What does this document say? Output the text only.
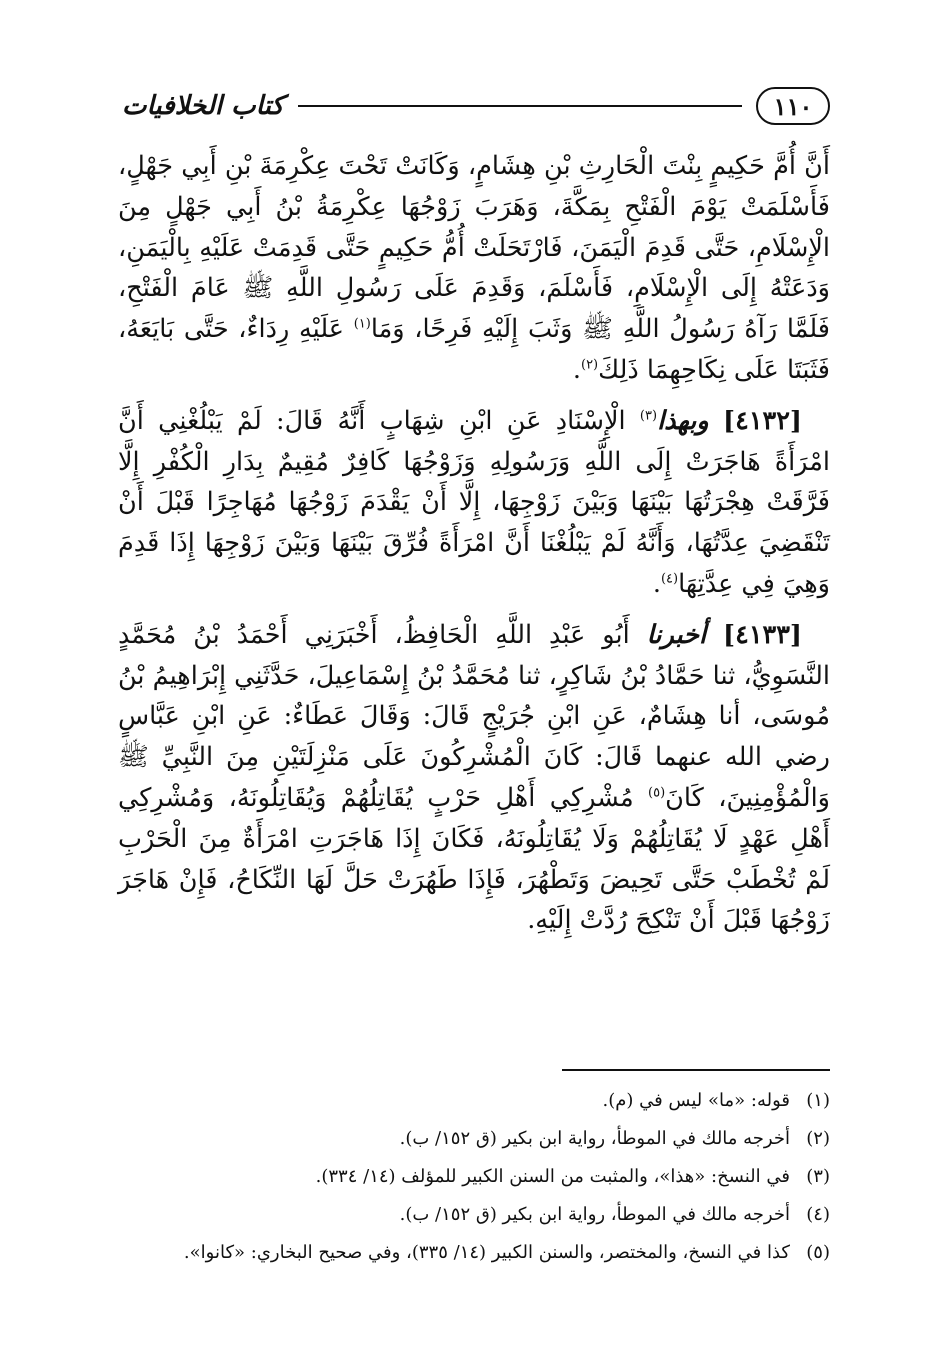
١١٠
كتاب الخلافيات

أَنَّ أُمَّ حَكِيمٍ بِنْتَ الْحَارِثِ بْنِ هِشَامٍ، وَكَانَتْ تَحْتَ عِكْرِمَةَ بْنِ أَبِي جَهْلٍ، فَأَسْلَمَتْ يَوْمَ الْفَتْحِ بِمَكَّةَ، وَهَرَبَ زَوْجُهَا عِكْرِمَةُ بْنُ أَبِي جَهْلٍ مِنَ الْإِسْلَامِ، حَتَّى قَدِمَ الْيَمَنَ، فَارْتَحَلَتْ أُمُّ حَكِيمٍ حَتَّى قَدِمَتْ عَلَيْهِ بِالْيَمَنِ، وَدَعَتْهُ إِلَى الْإِسْلَامِ، فَأَسْلَمَ، وَقَدِمَ عَلَى رَسُولِ اللَّهِ ﷺ عَامَ الْفَتْحِ، فَلَمَّا رَآهُ رَسُولُ اللَّهِ ﷺ وَثَبَ إِلَيْهِ فَرِحًا، وَمَا$^{(١)}$ عَلَيْهِ رِدَاءٌ، حَتَّى بَايَعَهُ، فَثَبَتَا عَلَى نِكَاحِهِمَا ذَلِكَ$^{(٢)}$.

[٤١٣٢] وبهذا$^{(٣)}$ الْإِسْنَادِ عَنِ ابْنِ شِهَابٍ أَنَّهُ قَالَ: لَمْ يَبْلُغْنِي أَنَّ امْرَأَةً هَاجَرَتْ إِلَى اللَّهِ وَرَسُولِهِ وَزَوْجُهَا كَافِرٌ مُقِيمٌ بِدَارِ الْكُفْرِ إِلَّا فَرَّقَتْ هِجْرَتُهَا بَيْنَهَا وَبَيْنَ زَوْجِهَا، إِلَّا أَنْ يَقْدَمَ زَوْجُهَا مُهَاجِرًا قَبْلَ أَنْ تَنْقَضِيَ عِدَّتُهَا، وَأَنَّهُ لَمْ يَبْلُغْنَا أَنَّ امْرَأَةً فُرِّقَ بَيْنَهَا وَبَيْنَ زَوْجِهَا إِذَا قَدِمَ وَهِيَ فِي عِدَّتِهَا$^{(٤)}$.

[٤١٣٣] أخبرنا أَبُو عَبْدِ اللَّهِ الْحَافِظُ، أَخْبَرَنِي أَحْمَدُ بْنُ مُحَمَّدٍ النَّسَوِيُّ، ثنا حَمَّادُ بْنُ شَاكِرٍ، ثنا مُحَمَّدُ بْنُ إِسْمَاعِيلَ، حَدَّثَنِي إِبْرَاهِيمُ بْنُ مُوسَى، أنا هِشَامٌ، عَنِ ابْنِ جُرَيْجٍ قَالَ: وَقَالَ عَطَاءٌ: عَنِ ابْنِ عَبَّاسٍ رضي الله عنهما قَالَ: كَانَ الْمُشْرِكُونَ عَلَى مَنْزِلَتَيْنِ مِنَ النَّبِيِّ ﷺ وَالْمُؤْمِنِينَ، كَانَ$^{(٥)}$ مُشْرِكِي أَهْلِ حَرْبٍ يُقَاتِلُهُمْ وَيُقَاتِلُونَهُ، وَمُشْرِكِي أَهْلِ عَهْدٍ لَا يُقَاتِلُهُمْ وَلَا يُقَاتِلُونَهُ، فَكَانَ إِذَا هَاجَرَتِ امْرَأَةٌ مِنَ الْحَرْبِ لَمْ تُخْطَبْ حَتَّى تَحِيضَ وَتَطْهُرَ، فَإِذَا طَهُرَتْ حَلَّ لَهَا النِّكَاحُ، فَإِنْ هَاجَرَ زَوْجُهَا قَبْلَ أَنْ تَنْكِحَ رُدَّتْ إِلَيْهِ.

(١)قوله: «ما» ليس في (م).
(٢)أخرجه مالك في الموطأ، رواية ابن بكير (ق ١٥٢/ ب).
(٣)في النسخ: «هذا»، والمثبت من السنن الكبير للمؤلف (١٤/ ٣٣٤).
(٤)أخرجه مالك في الموطأ، رواية ابن بكير (ق ١٥٢/ ب).
(٥)كذا في النسخ، والمختصر، والسنن الكبير (١٤/ ٣٣٥)، وفي صحيح البخاري: «كانوا».
